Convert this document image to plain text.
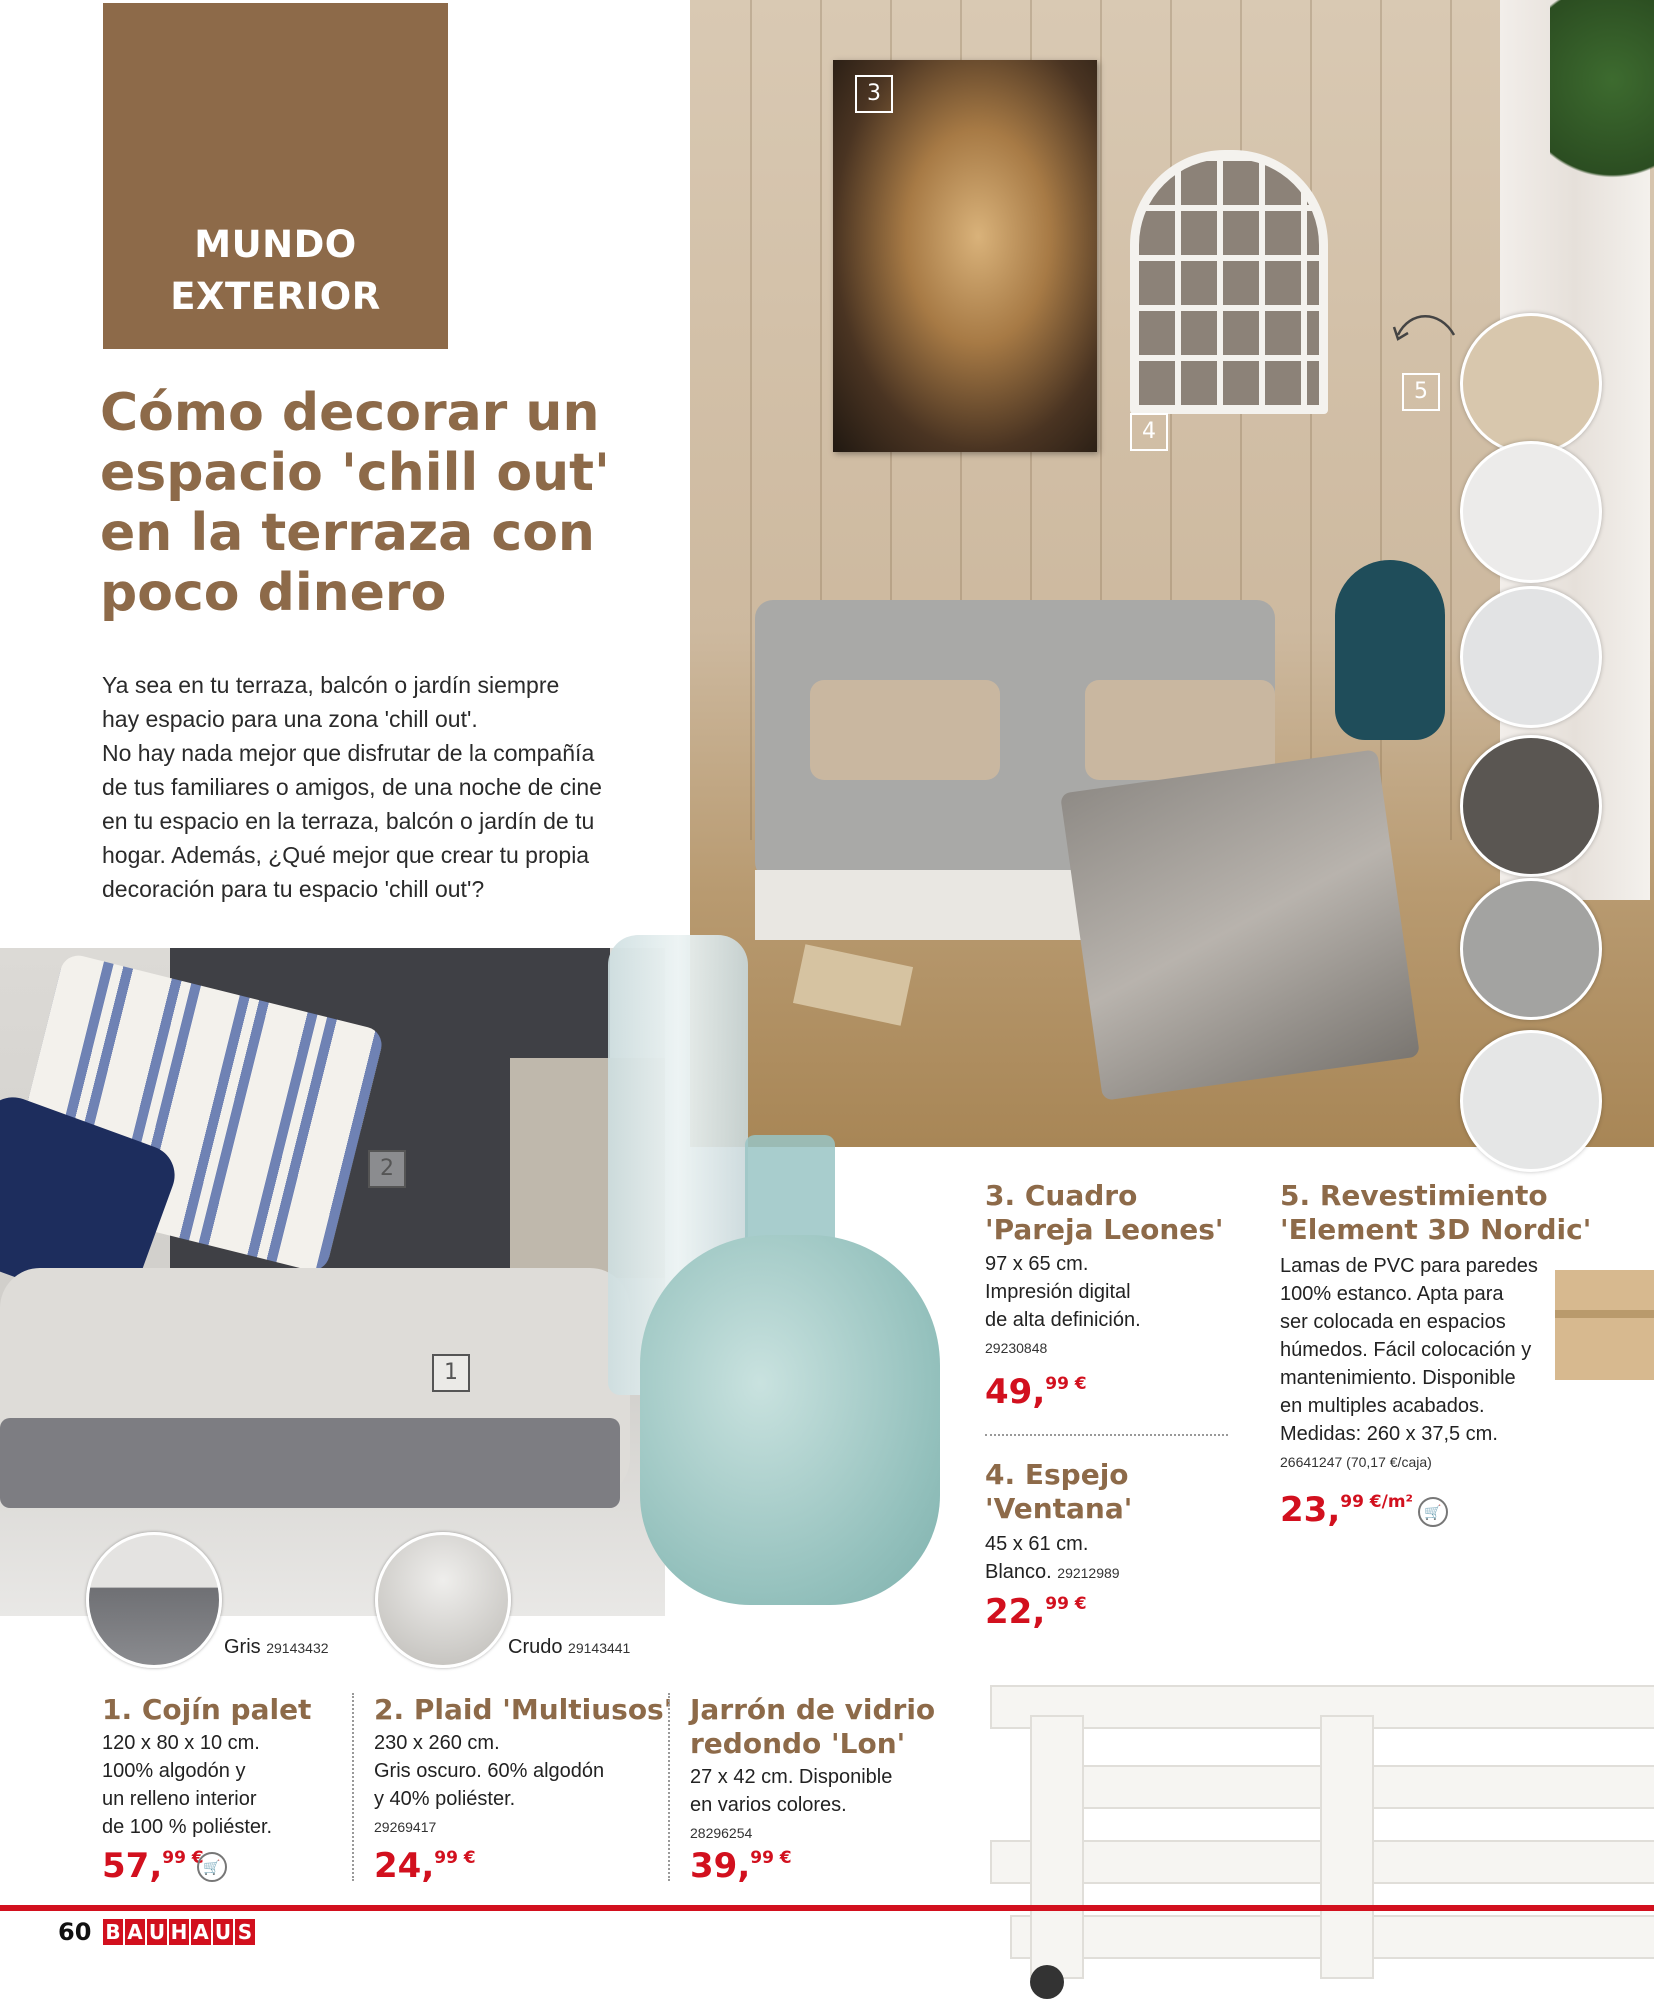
MUNDO
EXTERIOR
Cómo decorar un
espacio 'chill out'
en la terraza con
poco dinero

Ya sea en tu terraza, balcón o jardín siempre
hay espacio para una zona 'chill out'.

No hay nada mejor que disfrutar de la compañía
de tus familiares o amigos, de una noche de cine
en tu espacio en la terraza, balcón o jardín de tu
hogar. Además, ¿Qué mejor que crear tu propia
decoración para tu espacio 'chill out'?

3
4
5
2
1
Gris 29143432	Crudo 29143441
1. Cojín palet

120 x 80 x 10 cm.

100% algodón y

un relleno interior

de 100 % poliéster.

57,99 € 🛒
2. Plaid 'Multiusos'

230 x 260 cm.

Gris oscuro. 60% algodón

y 40% poliéster.

29269417

24,99 €
Jarrón de vidrio
redondo 'Lon'

27 x 42 cm. Disponible

en varios colores.

28296254

39,99 €
3. Cuadro
'Pareja Leones'

97 x 65 cm.

Impresión digital

de alta definición.

29230848

49,99 €
4. Espejo
'Ventana'

45 x 61 cm.

Blanco. 29212989

22,99 €
5. Revestimiento
'Element 3D Nordic'

Lamas de PVC para paredes

100% estanco. Apta para

ser colocada en espacios

húmedos. Fácil colocación y

mantenimiento. Disponible

en multiples acabados.

Medidas: 260 x 37,5 cm.

26641247 (70,17 €/caja)

23,99 €/m² 🛒
60 B A U H A U S
